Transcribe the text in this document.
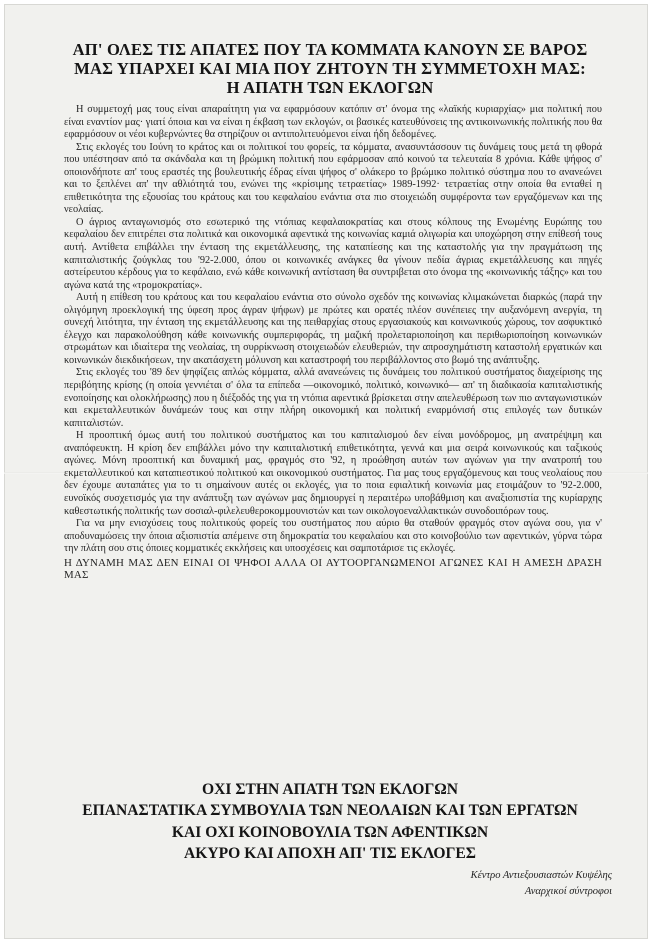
ΑΠ' ΟΛΕΣ ΤΙΣ ΑΠΑΤΕΣ ΠΟΥ ΤΑ ΚΟΜΜΑΤΑ ΚΑΝΟΥΝ ΣΕ ΒΑΡΟΣ
ΜΑΣ ΥΠΑΡΧΕΙ ΚΑΙ ΜΙΑ ΠΟΥ ΖΗΤΟΥΝ ΤΗ ΣΥΜΜΕΤΟΧΗ ΜΑΣ:
Η ΑΠΑΤΗ ΤΩΝ ΕΚΛΟΓΩΝ

Η συμμετοχή μας τους είναι απαραίτητη για να εφαρμόσουν κατόπιν στ' όνομα της «λαϊκής κυριαρχίας» μια πολιτική που είναι εναντίον μας· γιατί όποια και να είναι η έκβαση των εκλογών, οι βασικές κατευθύνσεις της αντικοινωνικής πολιτικής που θα εφαρμόσουν οι νέοι κυβερνώντες θα στηρίζουν οι αντιπολιτευόμενοι είναι ήδη δεδομένες.

Στις εκλογές του Ιούνη το κράτος και οι πολιτικοί του φορείς, τα κόμματα, ανασυντάσσουν τις δυνάμεις τους μετά τη φθορά που υπέστησαν από τα σκάνδαλα και τη βρώμικη πολιτική που εφάρμοσαν από κοινού τα τελευταία 8 χρόνια. Κάθε ψήφος σ' οποιονδήποτε απ' τους εραστές της βουλευτικής έδρας είναι ψήφος σ' ολάκερο το βρώμικο πολιτικό σύστημα που το ανανεώνει και το ξεπλένει απ' την αθλιότητά του, ενώνει της «κρίσιμης τετραετίας» 1989-1992· τετραετίας στην οποία θα ενταθεί η επιθετικότητα της εξουσίας του κράτους και του κεφαλαίου ενάντια στα πιο στοιχειώδη συμφέροντα των εργαζόμενων και της νεολαίας.

Ο άγριος ανταγωνισμός στο εσωτερικό της ντόπιας κεφαλαιοκρατίας και στους κόλπους της Ενωμένης Ευρώπης του κεφαλαίου δεν επιτρέπει στα πολιτικά και οικονομικά αφεντικά της κοινωνίας καμιά ολιγωρία και υποχώρηση στην επίθεσή τους αυτή. Αντίθετα επιβάλλει την ένταση της εκμετάλλευσης, της καταπίεσης και της καταστολής για την πραγμάτωση της καπιταλιστικής ζούγκλας του '92-2.000, όπου οι κοινωνικές ανάγκες θα γίνουν πεδία άγριας εκμετάλλευσης και πηγές αστείρευτου κέρδους για το κεφάλαιο, ενώ κάθε κοινωνική αντίσταση θα συντριβεται στο όνομα της «κοινωνικής τάξης» και του αγώνα κατά της «τρομοκρατίας».

Αυτή η επίθεση του κράτους και του κεφαλαίου ενάντια στο σύνολο σχεδόν της κοινωνίας κλιμακώνεται διαρκώς (παρά την ολιγόμηνη προεκλογική της ύφεση προς άγραν ψήφων) με πρώτες και ορατές πλέον συνέπειες την αυξανόμενη ανεργία, τη συνεχή λιτότητα, την ένταση της εκμετάλλευσης και της πειθαρχίας στους εργασιακούς και κοινωνικούς χώρους, τον ασφυκτικό έλεγχο και παρακολούθηση κάθε κοινωνικής συμπεριφοράς, τη μαζική προλεταριοποίηση και περιθωριοποίηση κοινωνικών στρωμάτων και ιδιαίτερα της νεολαίας, τη συρρίκνωση στοιχειωδών ελευθεριών, την απροσχημάτιστη καταστολή εργατικών και κοινωνικών διεκδικήσεων, την ακατάσχετη μόλυνση και καταστροφή του περιβάλλοντος στο βωμό της ανάπτυξης.

Στις εκλογές του '89 δεν ψηφίζεις απλώς κόμματα, αλλά ανανεώνεις τις δυνάμεις του πολιτικού συστήματος διαχείρισης της περιβόητης κρίσης (η οποία γεννιέται σ' όλα τα επίπεδα —οικονομικό, πολιτικό, κοινωνικό— απ' τη διαδικασία καπιταλιστικής ενοποίησης και ολοκλήρωσης) που η διέξοδός της για τη ντόπια αφεντικά βρίσκεται στην απελευθέρωση των πιο ανταγωνιστικών και εκμεταλλευτικών δυνάμεών τους και στην πλήρη οικονομική και πολιτική εναρμόνισή στις επιλογές των δυτικών καπιταλιστών.

Η προοπτική όμως αυτή του πολιτικού συστήματος και του καπιταλισμού δεν είναι μονόδρομος, μη ανατρέψιμη και αναπόφευκτη. Η κρίση δεν επιβάλλει μόνο την καπιταλιστική επιθετικότητα, γεννά και μια σειρά κοινωνικούς και ταξικούς αγώνες. Μόνη προοπτική και δυναμική μας, φραγμός στο '92, η προώθηση αυτών των αγώνων για την ανατροπή του εκμεταλλευτικού και καταπιεστικού πολιτικού και οικονομικού συστήματος. Για μας τους εργαζόμενους και τους νεολαίους που δεν έχουμε αυταπάτες για το τι σημαίνουν αυτές οι εκλογές, για το ποια εφιαλτική κοινωνία μας ετοιμάζουν το '92-2.000, ευνοϊκός συσχετισμός για την ανάπτυξη των αγώνων μας δημιουργεί η περαιτέρω υποβάθμιση και αναξιοπιστία της κυρίαρχης καθεστωτικής πολιτικής των σοσιαλ-φιλελευθεροκομμουνιστών και των οικολογοεναλλακτικών συνοδοιπόρων τους.

Για να μην ενισχύσεις τους πολιτικούς φορείς του συστήματος που αύριο θα σταθούν φραγμός στον αγώνα σου, για ν' αποδυναμώσεις την όποια αξιοπιστία απέμεινε στη δημοκρατία του κεφαλαίου και στο κοινοβούλιο των αφεντικών, γύρνα τώρα την πλάτη σου στις όποιες κομματικές εκκλήσεις και υποσχέσεις και σαμποτάρισε τις εκλογές.

Η ΔΥΝΑΜΗ ΜΑΣ ΔΕΝ ΕΙΝΑΙ ΟΙ ΨΗΦΟΙ ΑΛΛΑ ΟΙ ΑΥΤΟΟΡΓΑΝΩΜΕΝΟΙ ΑΓΩΝΕΣ ΚΑΙ Η ΑΜΕΣΗ ΔΡΑΣΗ ΜΑΣ

ΟΧΙ ΣΤΗΝ ΑΠΑΤΗ ΤΩΝ ΕΚΛΟΓΩΝ
ΕΠΑΝΑΣΤΑΤΙΚΑ ΣΥΜΒΟΥΛΙΑ ΤΩΝ ΝΕΟΛΑΙΩΝ ΚΑΙ ΤΩΝ ΕΡΓΑΤΩΝ
ΚΑΙ ΟΧΙ ΚΟΙΝΟΒΟΥΛΙΑ ΤΩΝ ΑΦΕΝΤΙΚΩΝ
ΑΚΥΡΟ ΚΑΙ ΑΠΟΧΗ ΑΠ' ΤΙΣ ΕΚΛΟΓΕΣ
Κέντρο Αντιεξουσιαστών Κυψέλης
Αναρχικοί σύντροφοι
